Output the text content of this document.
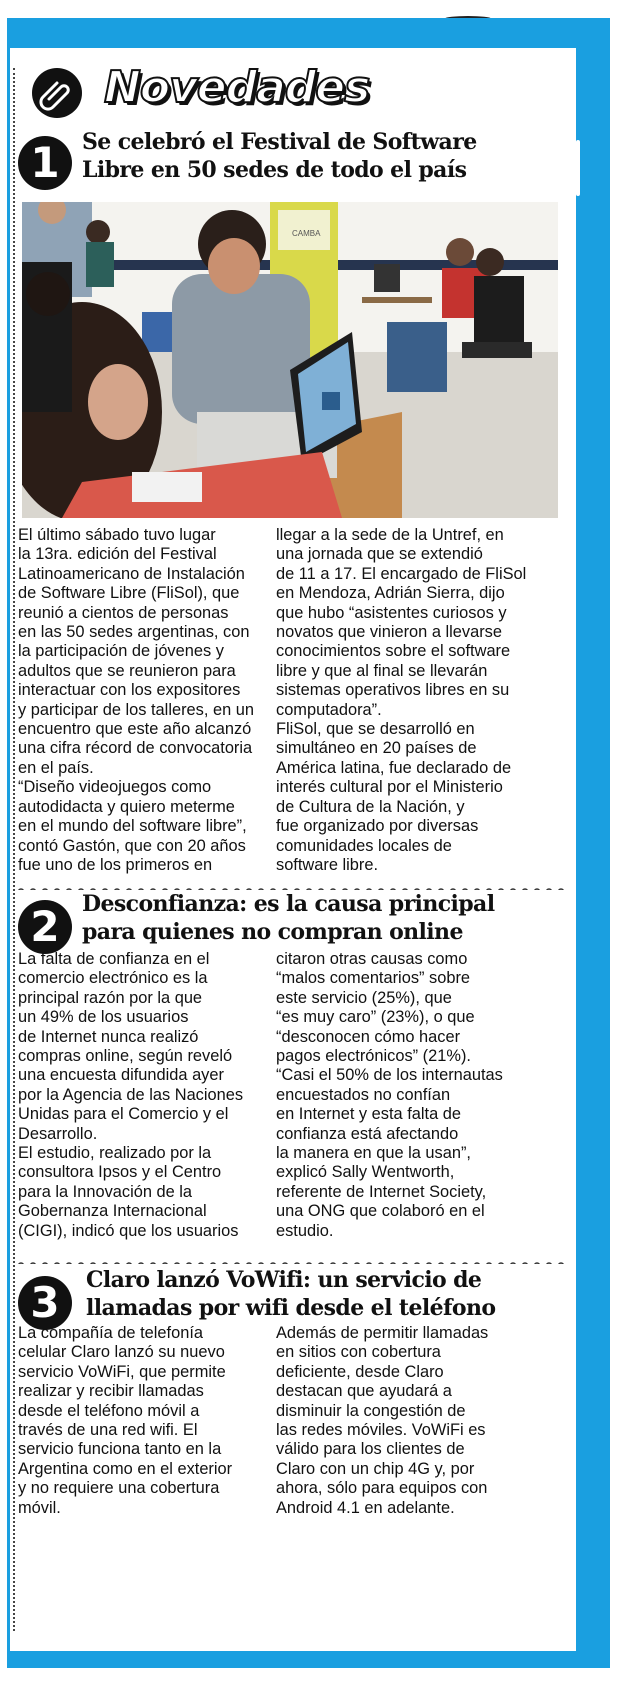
Novedades
1	Se celebró el Festival de Software
Libre en 50 sedes de todo el país
CAMBA

El último sábado tuvo lugar

la 13ra. edición del Festival

Latinoamericano de Instalación

de Software Libre (FliSol), que

reunió a cientos de personas

en las 50 sedes argentinas, con

la participación de jóvenes y

adultos que se reunieron para

interactuar con los expositores

y participar de los talleres, en un

encuentro que este año alcanzó

una cifra récord de convocatoria

en el país.

“Diseño videojuegos como

autodidacta y quiero meterme

en el mundo del software libre”,

contó Gastón, que con 20 años

fue uno de los primeros en

llegar a la sede de la Untref, en

una jornada que se extendió

de 11 a 17. El encargado de FliSol

en Mendoza, Adrián Sierra, dijo

que hubo “asistentes curiosos y

novatos que vinieron a llevarse

conocimientos sobre el software

libre y que al final se llevarán

sistemas operativos libres en su

computadora”.

FliSol, que se desarrolló en

simultáneo en 20 países de

América latina, fue declarado de

interés cultural por el Ministerio

de Cultura de la Nación, y

fue organizado por diversas

comunidades locales de

software libre.

2	Desconfianza: es la causa principal
para quienes no compran online

La falta de confianza en el

comercio electrónico es la

principal razón por la que

un 49% de los usuarios

de Internet nunca realizó

compras online, según reveló

una encuesta difundida ayer

por la Agencia de las Naciones

Unidas para el Comercio y el

Desarrollo.

El estudio, realizado por la

consultora Ipsos y el Centro

para la Innovación de la

Gobernanza Internacional

(CIGI), indicó que los usuarios

citaron otras causas como

“malos comentarios” sobre

este servicio (25%), que

“es muy caro” (23%), o que

“desconocen cómo hacer

pagos electrónicos” (21%).

“Casi el 50% de los internautas

encuestados no confían

en Internet y esta falta de

confianza está afectando

la manera en que la usan”,

explicó Sally Wentworth,

referente de Internet Society,

una ONG que colaboró en el

estudio.

3	Claro lanzó VoWifi: un servicio de
llamadas por wifi desde el teléfono

La compañía de telefonía

celular Claro lanzó su nuevo

servicio VoWiFi, que permite

realizar y recibir llamadas

desde el teléfono móvil a

través de una red wifi. El

servicio funciona tanto en la

Argentina como en el exterior

y no requiere una cobertura

móvil.

Además de permitir llamadas

en sitios con cobertura

deficiente, desde Claro

destacan que ayudará a

disminuir la congestión de

las redes móviles. VoWiFi es

válido para los clientes de

Claro con un chip 4G y, por

ahora, sólo para equipos con

Android 4.1 en adelante.
